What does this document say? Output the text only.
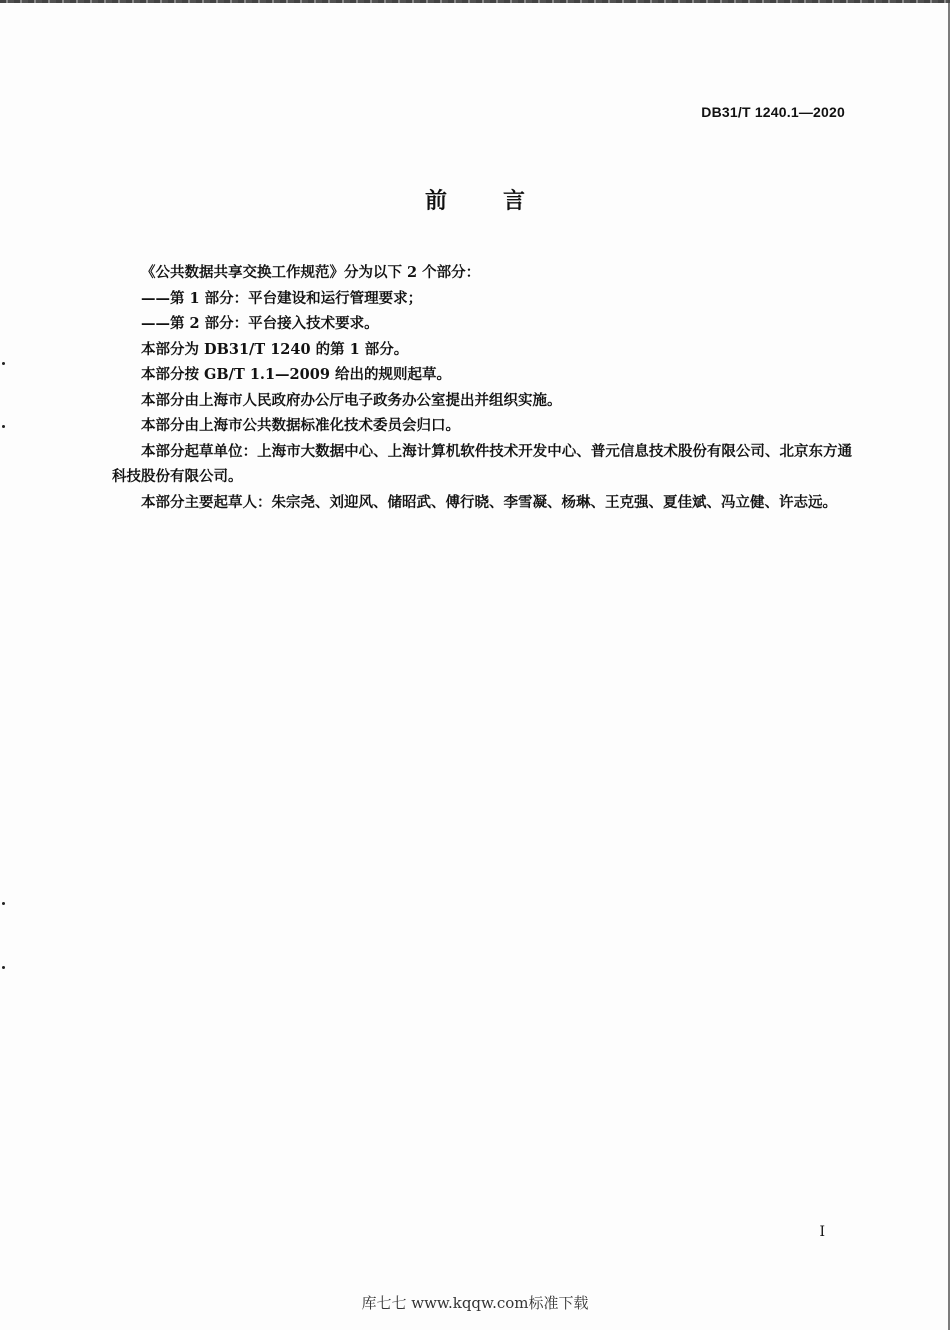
DB31/T 1240.1—2020
前言

《公共数据共享交换工作规范》分为以下 2 个部分：

——第 1 部分：平台建设和运行管理要求；

——第 2 部分：平台接入技术要求。

本部分为 DB31/T 1240 的第 1 部分。

本部分按 GB/T 1.1—2009 给出的规则起草。

本部分由上海市人民政府办公厅电子政务办公室提出并组织实施。

本部分由上海市公共数据标准化技术委员会归口。

本部分起草单位：上海市大数据中心、上海计算机软件技术开发中心、普元信息技术股份有限公司、北京东方通科技股份有限公司。

本部分主要起草人：朱宗尧、刘迎风、储昭武、傅行晓、李雪凝、杨琳、王克强、夏佳斌、冯立健、许志远。

I
库七七 www.kqqw.com标准下载
